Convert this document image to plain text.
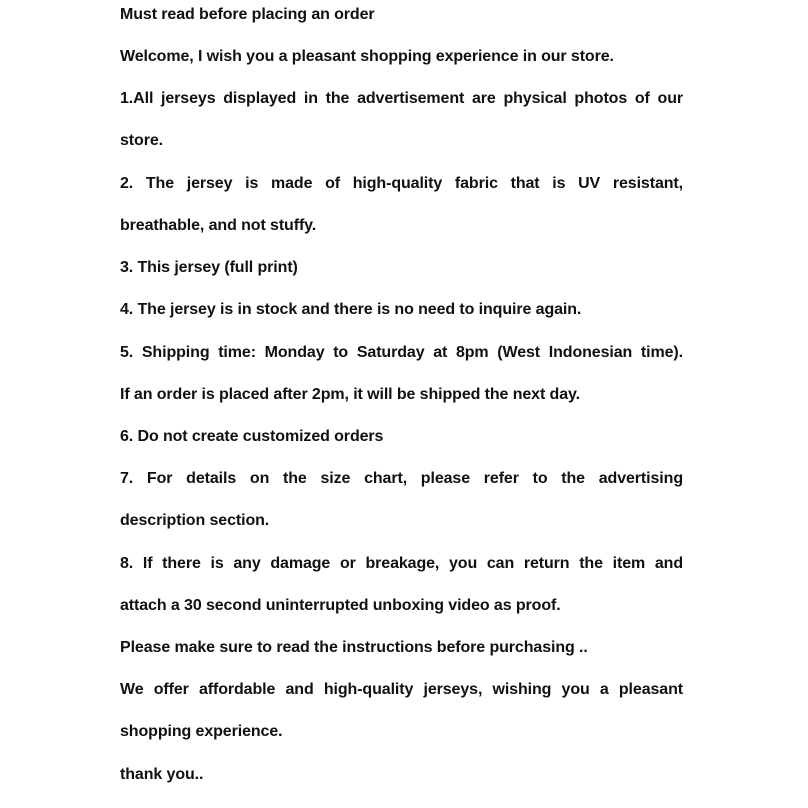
Must read before placing an order
Welcome, I wish you a pleasant shopping experience in our store.
1.All jerseys displayed in the advertisement are physical photos of our
store.
2. The jersey is made of high-quality fabric that is UV resistant,
breathable, and not stuffy.
3. This jersey (full print)
4. The jersey is in stock and there is no need to inquire again.
5. Shipping time: Monday to Saturday at 8pm (West Indonesian time).
If an order is placed after 2pm, it will be shipped the next day.
6. Do not create customized orders
7. For details on the size chart, please refer to the advertising
description section.
8. If there is any damage or breakage, you can return the item and
attach a 30 second uninterrupted unboxing video as proof.
Please make sure to read the instructions before purchasing ..
We offer affordable and high-quality jerseys, wishing you a pleasant
shopping experience.
thank you..
